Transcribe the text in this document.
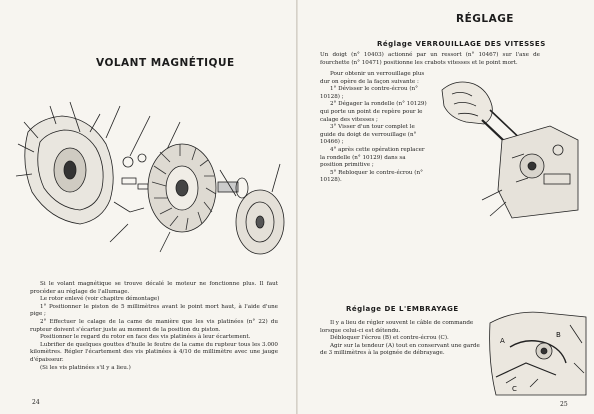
VOLANT MAGNÉTIQUE

Si le volant magnétique se trouve décalé le moteur ne fonctionne plus. Il faut procéder au réglage de l'allumage.

Le rotor enlevé (voir chapitre démontage)

1° Positionner le piston de 5 millimètres avant le point mort haut, à l'aide d'une pige ;

2° Effectuer le calage de la came de manière que les vis platinées (n° 22) du rupteur doivent s'écarter juste au moment de la position du piston.

Positionner le regard du rotor en face des vis platinées à leur écartement.

Lubrifier de quelques gouttes d'huile le feutre de la came du rupteur tous les 3.000 kilomètres. Régler l'écartement des vis platinées à 4/10 de millimètre avec une jauge d'épaisseur.

(Si les vis platinées s'il y a lieu.)

24
RÉGLAGE
Réglage VERROUILLAGE DES VITESSES
Un doigt (n° 10403) actionné par un ressort (n° 10467) sur l'axe de fourchette (n° 10471) positionne les crabots vitesses et le point mort.

Pour obtenir un verrouillage plus dur on opère de la façon suivante :

1° Dévisser le contre-écrou (n° 10128) ;

2° Dégager la rondelle (n° 10129) qui porte un point de repère pour le calage des vitesses ;

3° Visser d'un tour complet le guide du doigt de verrouillage (n° 10466) ;

4° après cette opération replacer la rondelle (n° 10129) dans sa position primitive ;

5° Rebloquer le contre-écrou (n° 10128).

Réglage DE L'EMBRAYAGE

Il y a lieu de régler souvent le câble de commande lorsque celui-ci est détendu.

Débloquer l'écrou (B) et contre-écrou (C).

Agir sur la tendeur (A) tout en conservant une garde de 3 millimètres à la poignée de débrayage.

A
B
C
25
